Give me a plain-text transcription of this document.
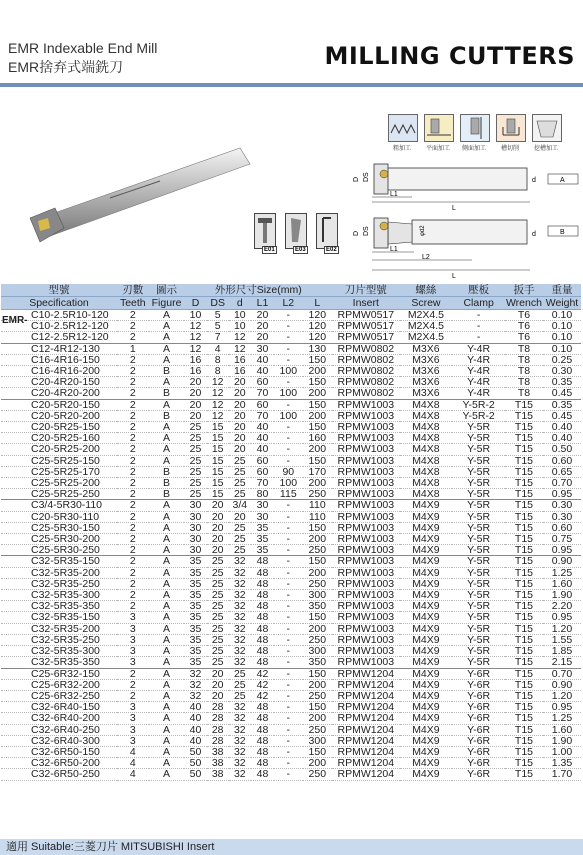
EMR Indexable End Mill
EMR捨弃式端銑刀	MILLING CUTTERS
粗加工	平面加工	側面加工	槽切削	挖槽加工
D DS
L1
L
d	A
D DS
L1
L2
L
d
φd2	B
E01	E03	E02
型號	刃數	圖示	外形尺寸Size(mm)						刀片型號	螺絲	壓板	扳手	重量
Specification	Teeth	Figure	D	DS	d	L1	L2	L	Insert	Screw	Clamp	Wrench	Weight
C10-2.5R10-120	2	A	10	5	10	20	-	120	RPMW0517	M2X4.5	-	T6	0.10
C10-2.5R12-120	2	A	12	5	10	20	-	120	RPMW0517	M2X4.5	-	T6	0.10
C12-2.5R12-120	2	A	12	7	12	20	-	120	RPMW0517	M2X4.5	-	T6	0.10
C12-4R12-130	1	A	12	4	12	30	-	130	RPMW0802	M3X6	Y-4R	T8	0.10
C16-4R16-150	2	A	16	8	16	40	-	150	RPMW0802	M3X6	Y-4R	T8	0.25
C16-4R16-200	2	B	16	8	16	40	100	200	RPMW0802	M3X6	Y-4R	T8	0.30
C20-4R20-150	2	A	20	12	20	60	-	150	RPMW0802	M3X6	Y-4R	T8	0.35
C20-4R20-200	2	B	20	12	20	70	100	200	RPMW0802	M3X6	Y-4R	T8	0.45
C20-5R20-150	2	A	20	12	20	60	-	150	RPMW1003	M4X8	Y-5R-2	T15	0.35
C20-5R20-200	2	B	20	12	20	70	100	200	RPMW1003	M4X8	Y-5R-2	T15	0.45
C20-5R25-150	2	A	25	15	20	40	-	150	RPMW1003	M4X8	Y-5R	T15	0.40
C20-5R25-160	2	A	25	15	20	40	-	160	RPMW1003	M4X8	Y-5R	T15	0.40
C20-5R25-200	2	A	25	15	20	40	-	200	RPMW1003	M4X8	Y-5R	T15	0.50
C25-5R25-150	2	A	25	15	25	60	-	150	RPMW1003	M4X8	Y-5R	T15	0.60
C25-5R25-170	2	B	25	15	25	60	90	170	RPMW1003	M4X8	Y-5R	T15	0.65
C25-5R25-200	2	B	25	15	25	70	100	200	RPMW1003	M4X8	Y-5R	T15	0.70
C25-5R25-250	2	B	25	15	25	80	115	250	RPMW1003	M4X8	Y-5R	T15	0.95
C3/4-5R30-110	2	A	30	20	3/4	30	-	110	RPMW1003	M4X9	Y-5R	T15	0.30
C20-5R30-110	2	A	30	20	20	30	-	110	RPMW1003	M4X9	Y-5R	T15	0.30
C25-5R30-150	2	A	30	20	25	35	-	150	RPMW1003	M4X9	Y-5R	T15	0.60
C25-5R30-200	2	A	30	20	25	35	-	200	RPMW1003	M4X9	Y-5R	T15	0.75
C25-5R30-250	2	A	30	20	25	35	-	250	RPMW1003	M4X9	Y-5R	T15	0.95
C32-5R35-150	2	A	35	25	32	48	-	150	RPMW1003	M4X9	Y-5R	T15	0.90
C32-5R35-200	2	A	35	25	32	48	-	200	RPMW1003	M4X9	Y-5R	T15	1.25
C32-5R35-250	2	A	35	25	32	48	-	250	RPMW1003	M4X9	Y-5R	T15	1.60
C32-5R35-300	2	A	35	25	32	48	-	300	RPMW1003	M4X9	Y-5R	T15	1.90
C32-5R35-350	2	A	35	25	32	48	-	350	RPMW1003	M4X9	Y-5R	T15	2.20
C32-5R35-150	3	A	35	25	32	48	-	150	RPMW1003	M4X9	Y-5R	T15	0.95
C32-5R35-200	3	A	35	25	32	48	-	200	RPMW1003	M4X9	Y-5R	T15	1.20
C32-5R35-250	3	A	35	25	32	48	-	250	RPMW1003	M4X9	Y-5R	T15	1.55
C32-5R35-300	3	A	35	25	32	48	-	300	RPMW1003	M4X9	Y-5R	T15	1.85
C32-5R35-350	3	A	35	25	32	48	-	350	RPMW1003	M4X9	Y-5R	T15	2.15
C25-6R32-150	2	A	32	20	25	42	-	150	RPMW1204	M4X9	Y-6R	T15	0.70
C25-6R32-200	2	A	32	20	25	42	-	200	RPMW1204	M4X9	Y-6R	T15	0.90
C25-6R32-250	2	A	32	20	25	42	-	250	RPMW1204	M4X9	Y-6R	T15	1.20
C32-6R40-150	3	A	40	28	32	48	-	150	RPMW1204	M4X9	Y-6R	T15	0.95
C32-6R40-200	3	A	40	28	32	48	-	200	RPMW1204	M4X9	Y-6R	T15	1.25
C32-6R40-250	3	A	40	28	32	48	-	250	RPMW1204	M4X9	Y-6R	T15	1.60
C32-6R40-300	3	A	40	28	32	48	-	300	RPMW1204	M4X9	Y-6R	T15	1.90
C32-6R50-150	4	A	50	38	32	48	-	150	RPMW1204	M4X9	Y-6R	T15	1.00
C32-6R50-200	4	A	50	38	32	48	-	200	RPMW1204	M4X9	Y-6R	T15	1.35
C32-6R50-250	4	A	50	38	32	48	-	250	RPMW1204	M4X9	Y-6R	T15	1.70
EMR-
適用 Suitable:三菱刀片 MITSUBISHI Insert
